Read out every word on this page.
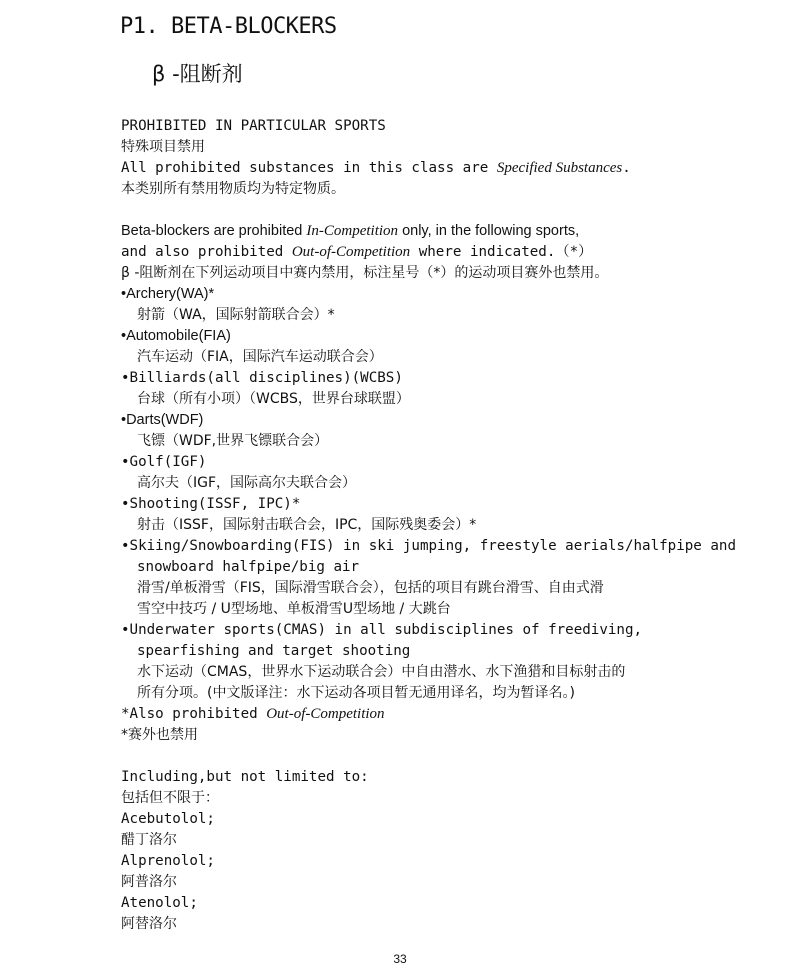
P1. BETA-BLOCKERS
β -阻断剂
PROHIBITED IN PARTICULAR SPORTS
特殊项目禁用
All prohibited substances in this class are Specified Substances.
本类别所有禁用物质均为特定物质。
Beta-blockers are prohibited In-Competition only, in the following sports,
and also prohibited Out-of-Competition where indicated.（*）
β -阻断剂在下列运动项目中赛内禁用，标注星号（*）的运动项目赛外也禁用。
•Archery(WA)*
射箭（WA，国际射箭联合会）*
•Automobile(FIA)
汽车运动（FIA，国际汽车运动联合会）
•Billiards(all disciplines)(WCBS)
台球（所有小项）（WCBS，世界台球联盟）
•Darts(WDF)
飞镖（WDF,世界飞镖联合会）
•Golf(IGF)
高尔夫（IGF，国际高尔夫联合会）
•Shooting(ISSF, IPC)*
射击（ISSF，国际射击联合会，IPC，国际残奥委会）*
•Skiing/Snowboarding(FIS) in ski jumping, freestyle aerials/halfpipe and
snowboard halfpipe/big air
滑雪/单板滑雪（FIS，国际滑雪联合会），包括的项目有跳台滑雪、自由式滑
雪空中技巧 / U型场地、单板滑雪U型场地 / 大跳台
•Underwater sports(CMAS) in all subdisciplines of freediving,
spearfishing and target shooting
水下运动（CMAS，世界水下运动联合会）中自由潜水、水下渔猎和目标射击的
所有分项。(中文版译注：水下运动各项目暂无通用译名，均为暂译名。)
*Also prohibited Out-of-Competition
*赛外也禁用
Including,but not limited to:
包括但不限于：
Acebutolol;
醋丁洛尔
Alprenolol;
阿普洛尔
Atenolol;
阿替洛尔
33
